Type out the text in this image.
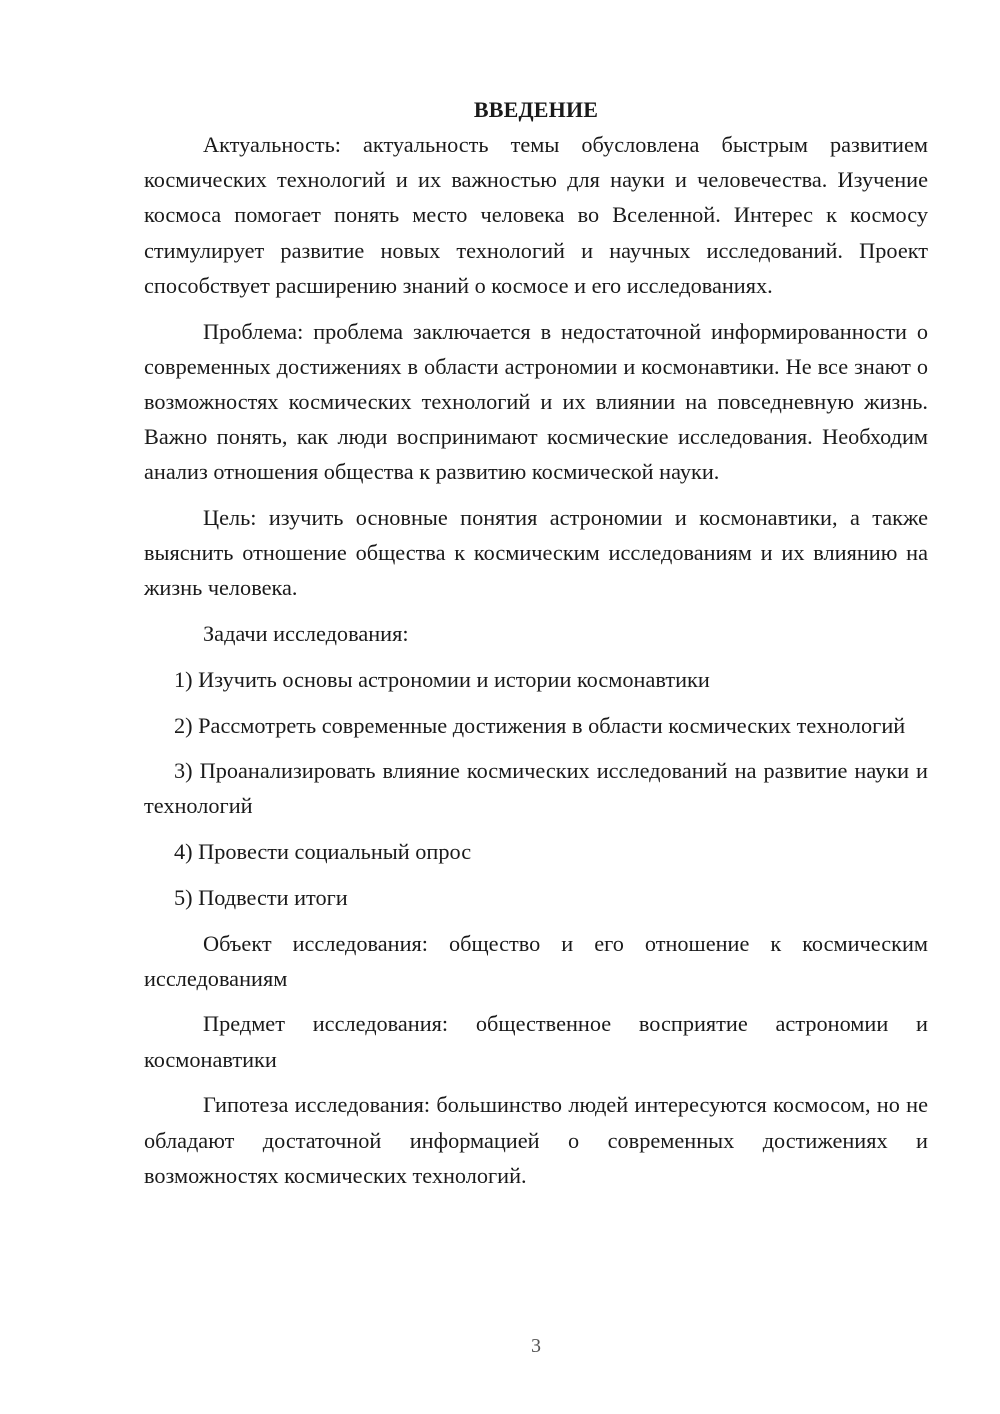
ВВЕДЕНИЕ

Актуальность: актуальность темы обусловлена быстрым развитием космических технологий и их важностью для науки и человечества. Изучение космоса помогает понять место человека во Вселенной. Интерес к космосу стимулирует развитие новых технологий и научных исследований. Проект способствует расширению знаний о космосе и его исследованиях.

Проблема: проблема заключается в недостаточной информированности о современных достижениях в области астрономии и космонавтики. Не все знают о возможностях космических технологий и их влиянии на повседневную жизнь. Важно понять, как люди воспринимают космические исследования. Необходим анализ отношения общества к развитию космической науки.

Цель: изучить основные понятия астрономии и космонавтики, а также выяснить отношение общества к космическим исследованиям и их влиянию на жизнь человека.

Задачи исследования:

1) Изучить основы астрономии и истории космонавтики

2) Рассмотреть современные достижения в области космических технологий

3) Проанализировать влияние космических исследований на развитие науки и технологий

4) Провести социальный опрос

5) Подвести итоги

Объект исследования: общество и его отношение к космическим исследованиям

Предмет исследования: общественное восприятие астрономии и космонавтики

Гипотеза исследования: большинство людей интересуются космосом, но не обладают достаточной информацией о современных достижениях и возможностях космических технологий.

3
